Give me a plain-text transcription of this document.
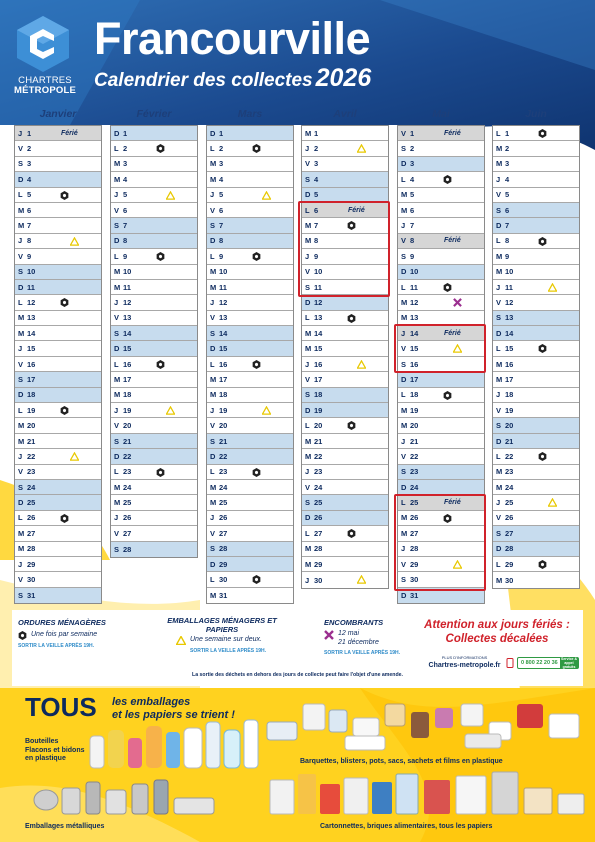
CHARTRES
MÉTROPOLE
Francourville
Calendrier des collectes 2026
Janvier
J 1	Férié
V 2
S 3
D 4
L 5
M 6
M 7
J 8
V 9
S 10
D 11
L 12
M 13
M 14
J 15
V 16
S 17
D 18
L 19
M 20
M 21
J 22
V 23
S 24
D 25
L 26
M 27
M 28
J 29
V 30
S 31
Février
D 1
L 2
M 3
M 4
J 5
V 6
S 7
D 8
L 9
M 10
M 11
J 12
V 13
S 14
D 15
L 16
M 17
M 18
J 19
V 20
S 21
D 22
L 23
M 24
M 25
J 26
V 27
S 28
Mars
D 1
L 2
M 3
M 4
J 5
V 6
S 7
D 8
L 9
M 10
M 11
J 12
V 13
S 14
D 15
L 16
M 17
M 18
J 19
V 20
S 21
D 22
L 23
M 24
M 25
J 26
V 27
S 28
D 29
L 30
M 31
Avril
M 1
J 2
V 3
S 4
D 5
L 6	Férié
M 7
M 8
J 9
V 10
S 11
D 12
L 13
M 14
M 15
J 16
V 17
S 18
D 19
L 20
M 21
M 22
J 23
V 24
S 25
D 26
L 27
M 28
M 29
J 30
Mai
V 1	Férié
S 2
D 3
L 4
M 5
M 6
J 7
V 8	Férié
S 9
D 10
L 11
M 12
M 13
J 14	Férié
V 15
S 16
D 17
L 18
M 19
M 20
J 21
V 22
S 23
D 24
L 25	Férié
M 26
M 27
J 28
V 29
S 30
D 31
Juin
L 1
M 2
M 3
J 4
V 5
S 6
D 7
L 8
M 9
M 10
J 11
V 12
S 13
D 14
L 15
M 16
M 17
J 18
V 19
S 20
D 21
L 22
M 23
M 24
J 25
V 26
S 27
D 28
L 29
M 30
ORDURES MÉNAGÈRES
Une fois par semaine
SORTIR LA VEILLE APRÈS 19H.
EMBALLAGES MÉNAGERS ET PAPIERS
Une semaine sur deux.
SORTIR LA VEILLE APRÈS 19H.
ENCOMBRANTS
12 mai
21 décembre
SORTIR LA VEILLE APRÈS 19H.
Attention aux jours fériés :
Collectes décalées
PLUS D'INFORMATIONS
Chartres-metropole.fr	0 800 22 20 36
Service & appel gratuits
La sortie des déchets en dehors des jours de collecte peut faire l'objet d'une amende.
TOUS les emballages
et les papiers se trient !
Bouteilles
Flacons et bidons
en plastique	Barquettes, blisters, pots, sacs, sachets et films en plastique
Emballages métalliques	Cartonnettes, briques alimentaires, tous les papiers
